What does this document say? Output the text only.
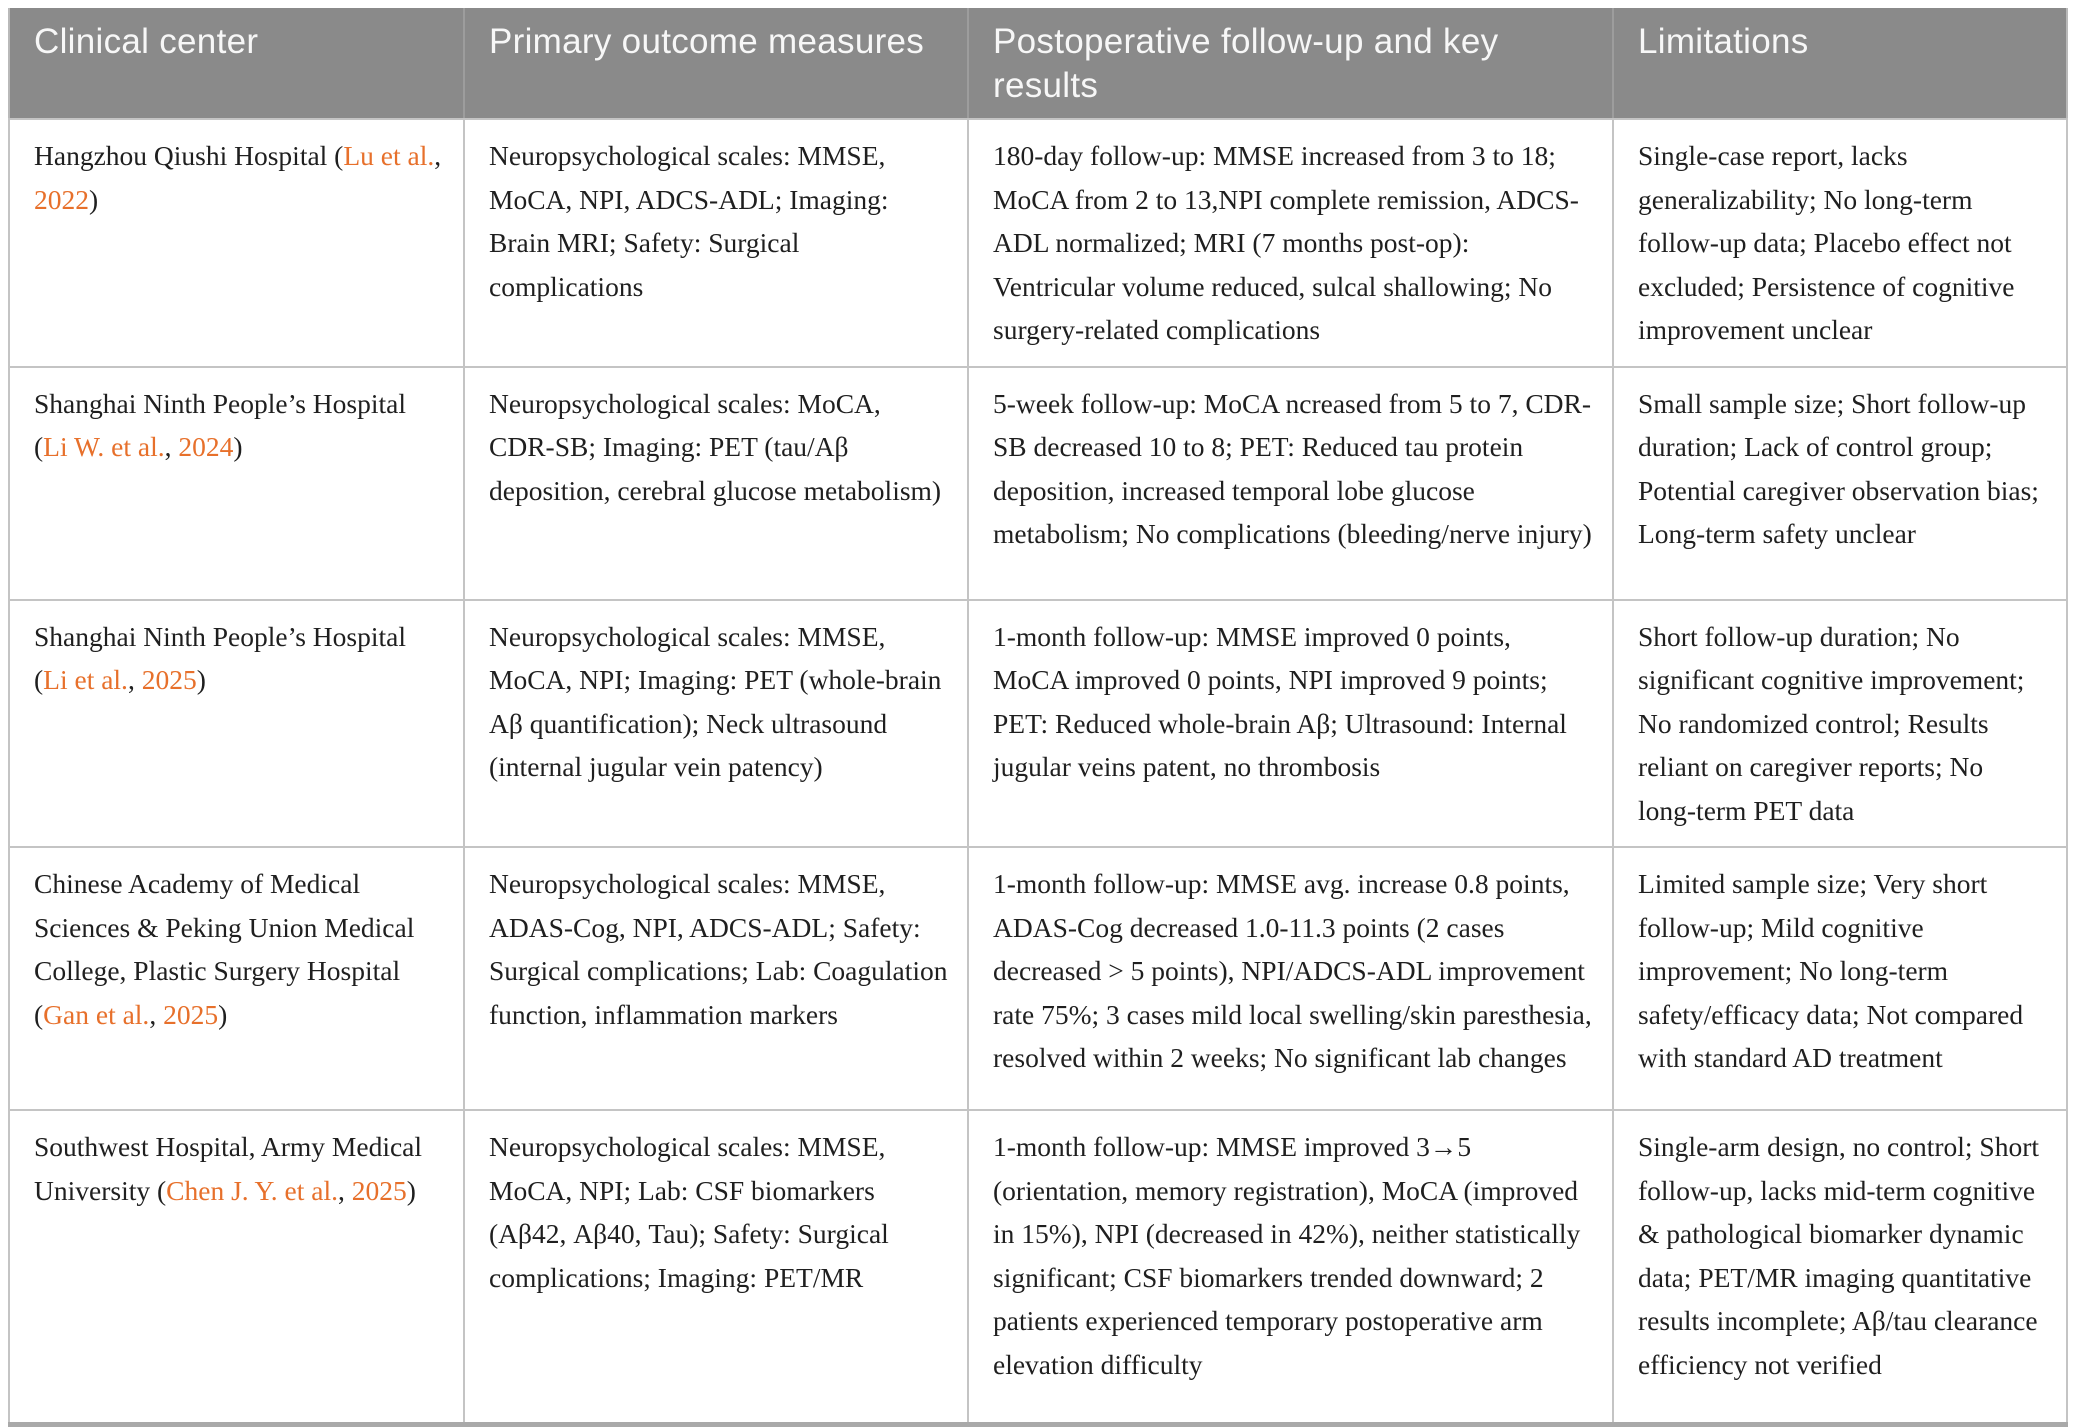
Clinical center	Primary outcome measures	Postoperative follow-up and key results	Limitations
Hangzhou Qiushi Hospital (Lu et al., 2022)	Neuropsychological scales: MMSE, MoCA, NPI, ADCS-ADL; Imaging: Brain MRI; Safety: Surgical complications	180-day follow-up: MMSE increased from 3 to 18; MoCA from 2 to 13,NPI complete remission, ADCS-ADL normalized; MRI (7 months post-op): Ventricular volume reduced, sulcal shallowing; No surgery-related complications	Single-case report, lacks generalizability; No long-term follow-up data; Placebo effect not excluded; Persistence of cognitive improvement unclear
Shanghai Ninth People’s Hospital (Li W. et al., 2024)	Neuropsychological scales: MoCA, CDR-SB; Imaging: PET (tau/Aβ deposition, cerebral glucose metabolism)	5-week follow-up: MoCA ncreased from 5 to 7, CDR-SB decreased 10 to 8; PET: Reduced tau protein deposition, increased temporal lobe glucose metabolism; No complications (bleeding/nerve injury)	Small sample size; Short follow-up duration; Lack of control group; Potential caregiver observation bias; Long-term safety unclear
Shanghai Ninth People’s Hospital (Li et al., 2025)	Neuropsychological scales: MMSE, MoCA, NPI; Imaging: PET (whole-brain Aβ quantification); Neck ultrasound (internal jugular vein patency)	1-month follow-up: MMSE improved 0 points, MoCA improved 0 points, NPI improved 9 points; PET: Reduced whole-brain Aβ; Ultrasound: Internal jugular veins patent, no thrombosis	Short follow-up duration; No significant cognitive improvement; No randomized control; Results reliant on caregiver reports; No long-term PET data
Chinese Academy of Medical Sciences & Peking Union Medical College, Plastic Surgery Hospital (Gan et al., 2025)	Neuropsychological scales: MMSE, ADAS-Cog, NPI, ADCS-ADL; Safety: Surgical complications; Lab: Coagulation function, inflammation markers	1-month follow-up: MMSE avg. increase 0.8 points, ADAS-Cog decreased 1.0-11.3 points (2 cases decreased > 5 points), NPI/ADCS-ADL improvement rate 75%; 3 cases mild local swelling/skin paresthesia, resolved within 2 weeks; No significant lab changes	Limited sample size; Very short follow-up; Mild cognitive improvement; No long-term safety/efficacy data; Not compared with standard AD treatment
Southwest Hospital, Army Medical University (Chen J. Y. et al., 2025)	Neuropsychological scales: MMSE, MoCA, NPI; Lab: CSF biomarkers (Aβ42, Aβ40, Tau); Safety: Surgical complications; Imaging: PET/MR	1-month follow-up: MMSE improved 3→5 (orientation, memory registration), MoCA (improved in 15%), NPI (decreased in 42%), neither statistically significant; CSF biomarkers trended downward; 2 patients experienced temporary postoperative arm elevation difficulty	Single-arm design, no control; Short follow-up, lacks mid-term cognitive & pathological biomarker dynamic data; PET/MR imaging quantitative results incomplete; Aβ/tau clearance efficiency not verified
